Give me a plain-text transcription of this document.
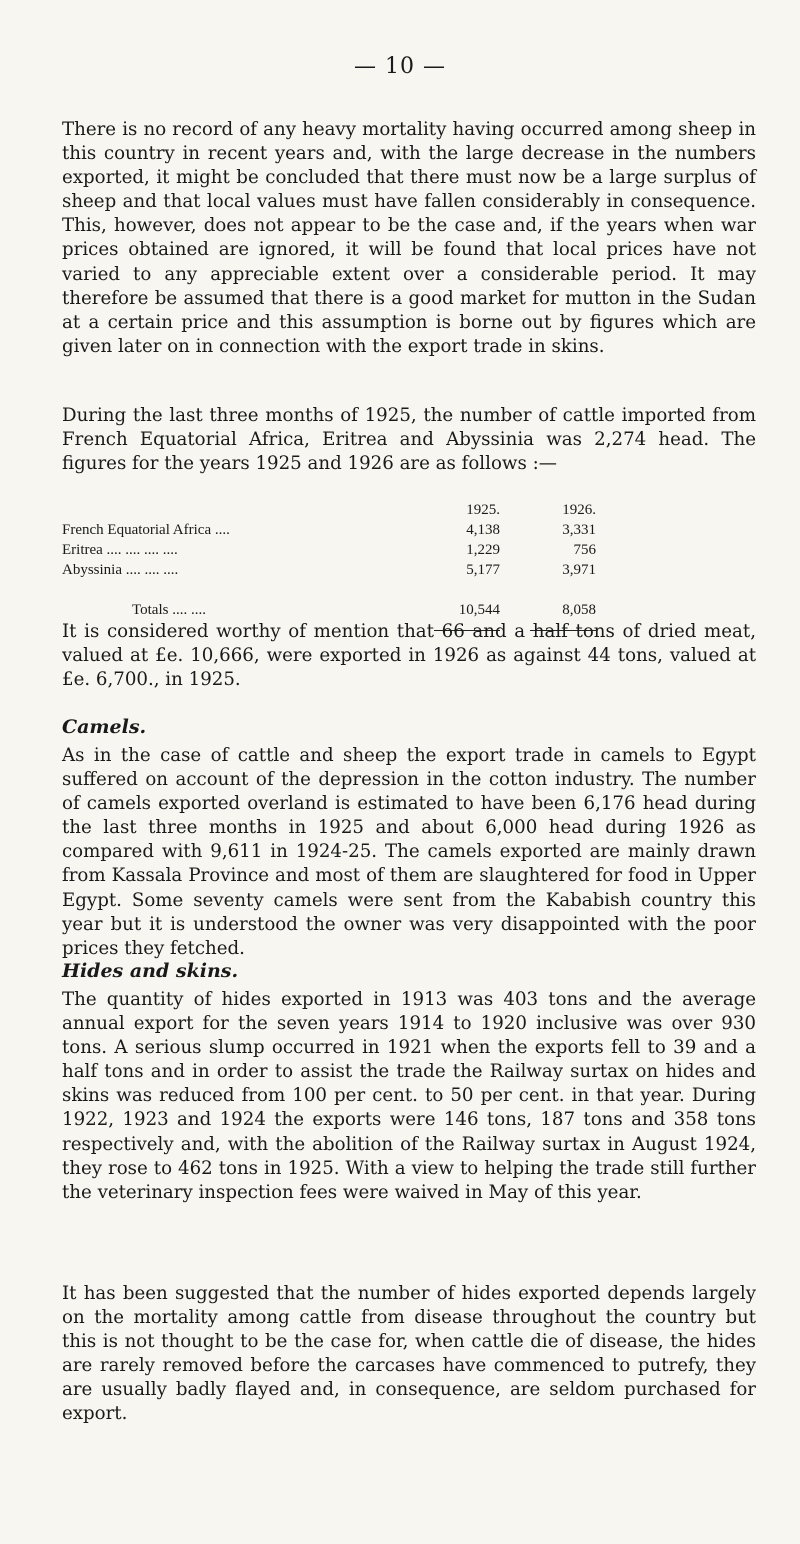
— 10 —

There is no record of any heavy mortality having occurred among sheep in this country in recent years and, with the large decrease in the numbers exported, it might be concluded that there must now be a large surplus of sheep and that local values must have fallen considerably in consequence. This, however, does not appear to be the case and, if the years when war prices obtained are ignored, it will be found that local prices have not varied to any appreciable extent over a considerable period. It may therefore be assumed that there is a good market for mutton in the Sudan at a certain price and this assumption is borne out by figures which are given later on in connection with the export trade in skins.

During the last three months of 1925, the number of cattle imported from French Equatorial Africa, Eritrea and Abyssinia was 2,274 head. The figures for the years 1925 and 1926 are as follows :—

	1925.	1926.
French Equatorial Africa ....	4,138	3,331
Eritrea .... .... .... ....	1,229	756
Abyssinia .... .... ....	5,177	3,971

Totals .... ....	10,544	8,058

It is considered worthy of mention that 66 and a half tons of dried meat, valued at £e. 10,666, were exported in 1926 as against 44 tons, valued at £e. 6,700., in 1925.

Camels.

As in the case of cattle and sheep the export trade in camels to Egypt suffered on account of the depression in the cotton industry. The number of camels exported overland is estimated to have been 6,176 head during the last three months in 1925 and about 6,000 head during 1926 as compared with 9,611 in 1924-25. The camels exported are mainly drawn from Kassala Province and most of them are slaughtered for food in Upper Egypt. Some seventy camels were sent from the Kababish country this year but it is understood the owner was very disappointed with the poor prices they fetched.

Hides and skins.

The quantity of hides exported in 1913 was 403 tons and the average annual export for the seven years 1914 to 1920 inclusive was over 930 tons. A serious slump occurred in 1921 when the exports fell to 39 and a half tons and in order to assist the trade the Railway surtax on hides and skins was reduced from 100 per cent. to 50 per cent. in that year. During 1922, 1923 and 1924 the exports were 146 tons, 187 tons and 358 tons respectively and, with the abolition of the Railway surtax in August 1924, they rose to 462 tons in 1925. With a view to helping the trade still further the veterinary inspection fees were waived in May of this year.

It has been suggested that the number of hides exported depends largely on the mortality among cattle from disease throughout the country but this is not thought to be the case for, when cattle die of disease, the hides are rarely removed before the carcases have commenced to putrefy, they are usually badly flayed and, in consequence, are seldom purchased for export.
